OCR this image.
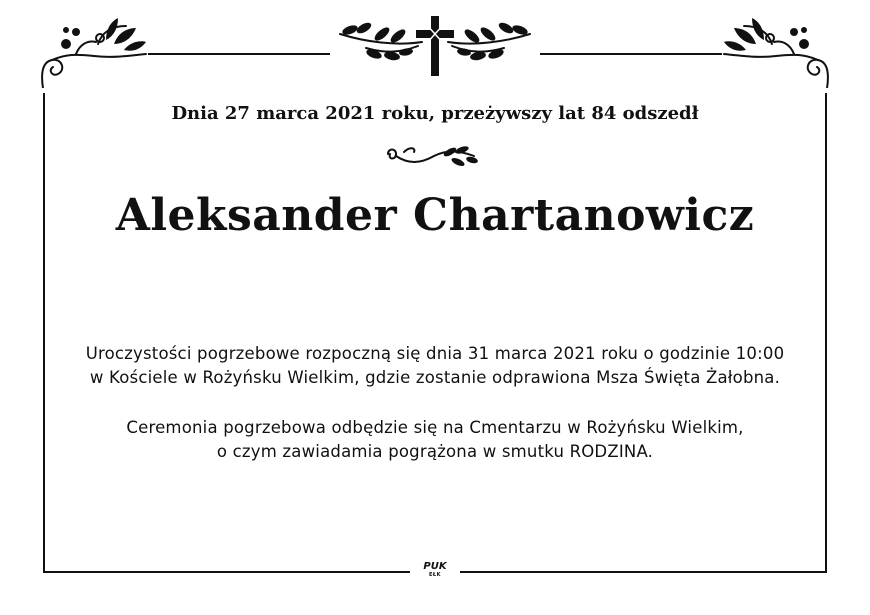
Dnia 27 marca 2021 roku, przeżywszy lat 84 odszedł
Aleksander Chartanowicz
Uroczystości pogrzebowe rozpoczną się dnia 31 marca 2021 roku o godzinie 10:00
w Kościele w Rożyńsku Wielkim, gdzie zostanie odprawiona Msza Święta Żałobna.
Ceremonia pogrzebowa odbędzie się na Cmentarzu w Rożyńsku Wielkim,
o czym zawiadamia pogrążona w smutku RODZINA.
PUK
EŁK
